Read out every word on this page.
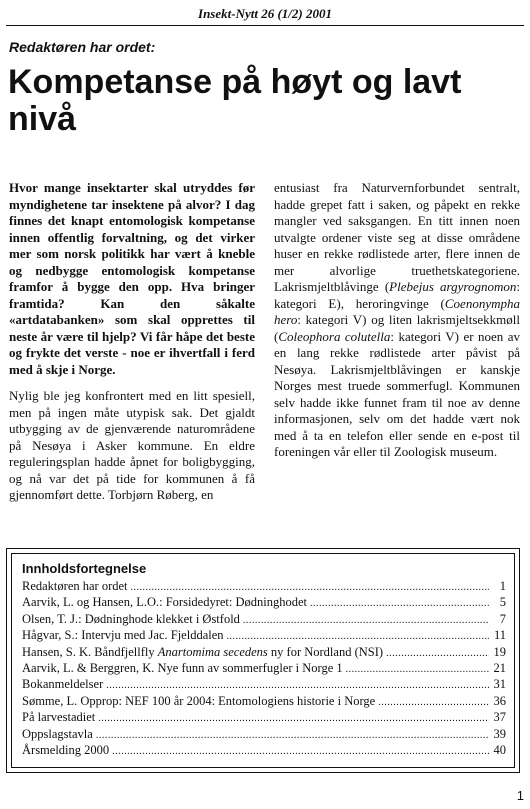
Insekt-Nytt 26 (1/2) 2001
Redaktøren har ordet:
Kompetanse på høyt og lavt nivå

Hvor mange insektarter skal utryddes før myndighetene tar insektene på alvor? I dag finnes det knapt entomologisk kompetanse innen offentlig forvaltning, og det virker mer som norsk politikk har vært å kneble og nedbygge entomologisk kompetanse framfor å bygge den opp. Hva bringer framtida? Kan den såkalte «artdatabanken» som skal opprettes til neste år være til hjelp? Vi får håpe det beste og frykte det verste - noe er ihvertfall i ferd med å skje i Norge.

Nylig ble jeg konfrontert med en litt spesiell, men på ingen måte utypisk sak. Det gjaldt utbygging av de gjenværende naturområdene på Nesøya i Asker kommune. En eldre reguleringsplan hadde åpnet for boligbygging, og nå var det på tide for kommunen å få gjennomført dette. Torbjørn Røberg, en

entusiast fra Naturvernforbundet sentralt, hadde grepet fatt i saken, og påpekt en rekke mangler ved saksgangen. En titt innen noen utvalgte ordener viste seg at disse områdene huser en rekke rødlistede arter, flere innen de mer alvorlige truethetskategoriene. Lakrismjeltblåvinge (Plebejus argyrognomon: kategori E), heroringvinge (Coenonympha hero: kategori V) og liten lakrismjeltsekkmøll (Coleophora colutella: kategori V) er noen av en lang rekke rødlistede arter påvist på Nesøya. Lakrismjeltblåvingen er kanskje Norges mest truede sommerfugl. Kommunen selv hadde ikke funnet fram til noe av denne informasjonen, selv om det hadde vært nok med å ta en telefon eller sende en e-post til foreningen vår eller til Zoologisk museum.

Innholdsfortegnelse
Redaktøren har ordet .....	1
Aarvik, L. og Hansen, L.O.: Forsidedyret: Dødninghodet .....	5
Olsen, T. J.: Dødninghode klekket i Østfold .....	7
Hågvar, S.: Intervju med Jac. Fjelddalen .....	11
Hansen, S. K. Båndfjellfly Anartomima secedens ny for Nordland (NSI) .....	19
Aarvik, L. & Berggren, K. Nye funn av sommerfugler i Norge 1 .....	21
Bokanmeldelser .....	31
Sømme, L. Opprop: NEF 100 år 2004: Entomologiens historie i Norge .....	36
På larvestadiet .....	37
Oppslagstavla .....	39
Årsmelding 2000 .....	40
1
